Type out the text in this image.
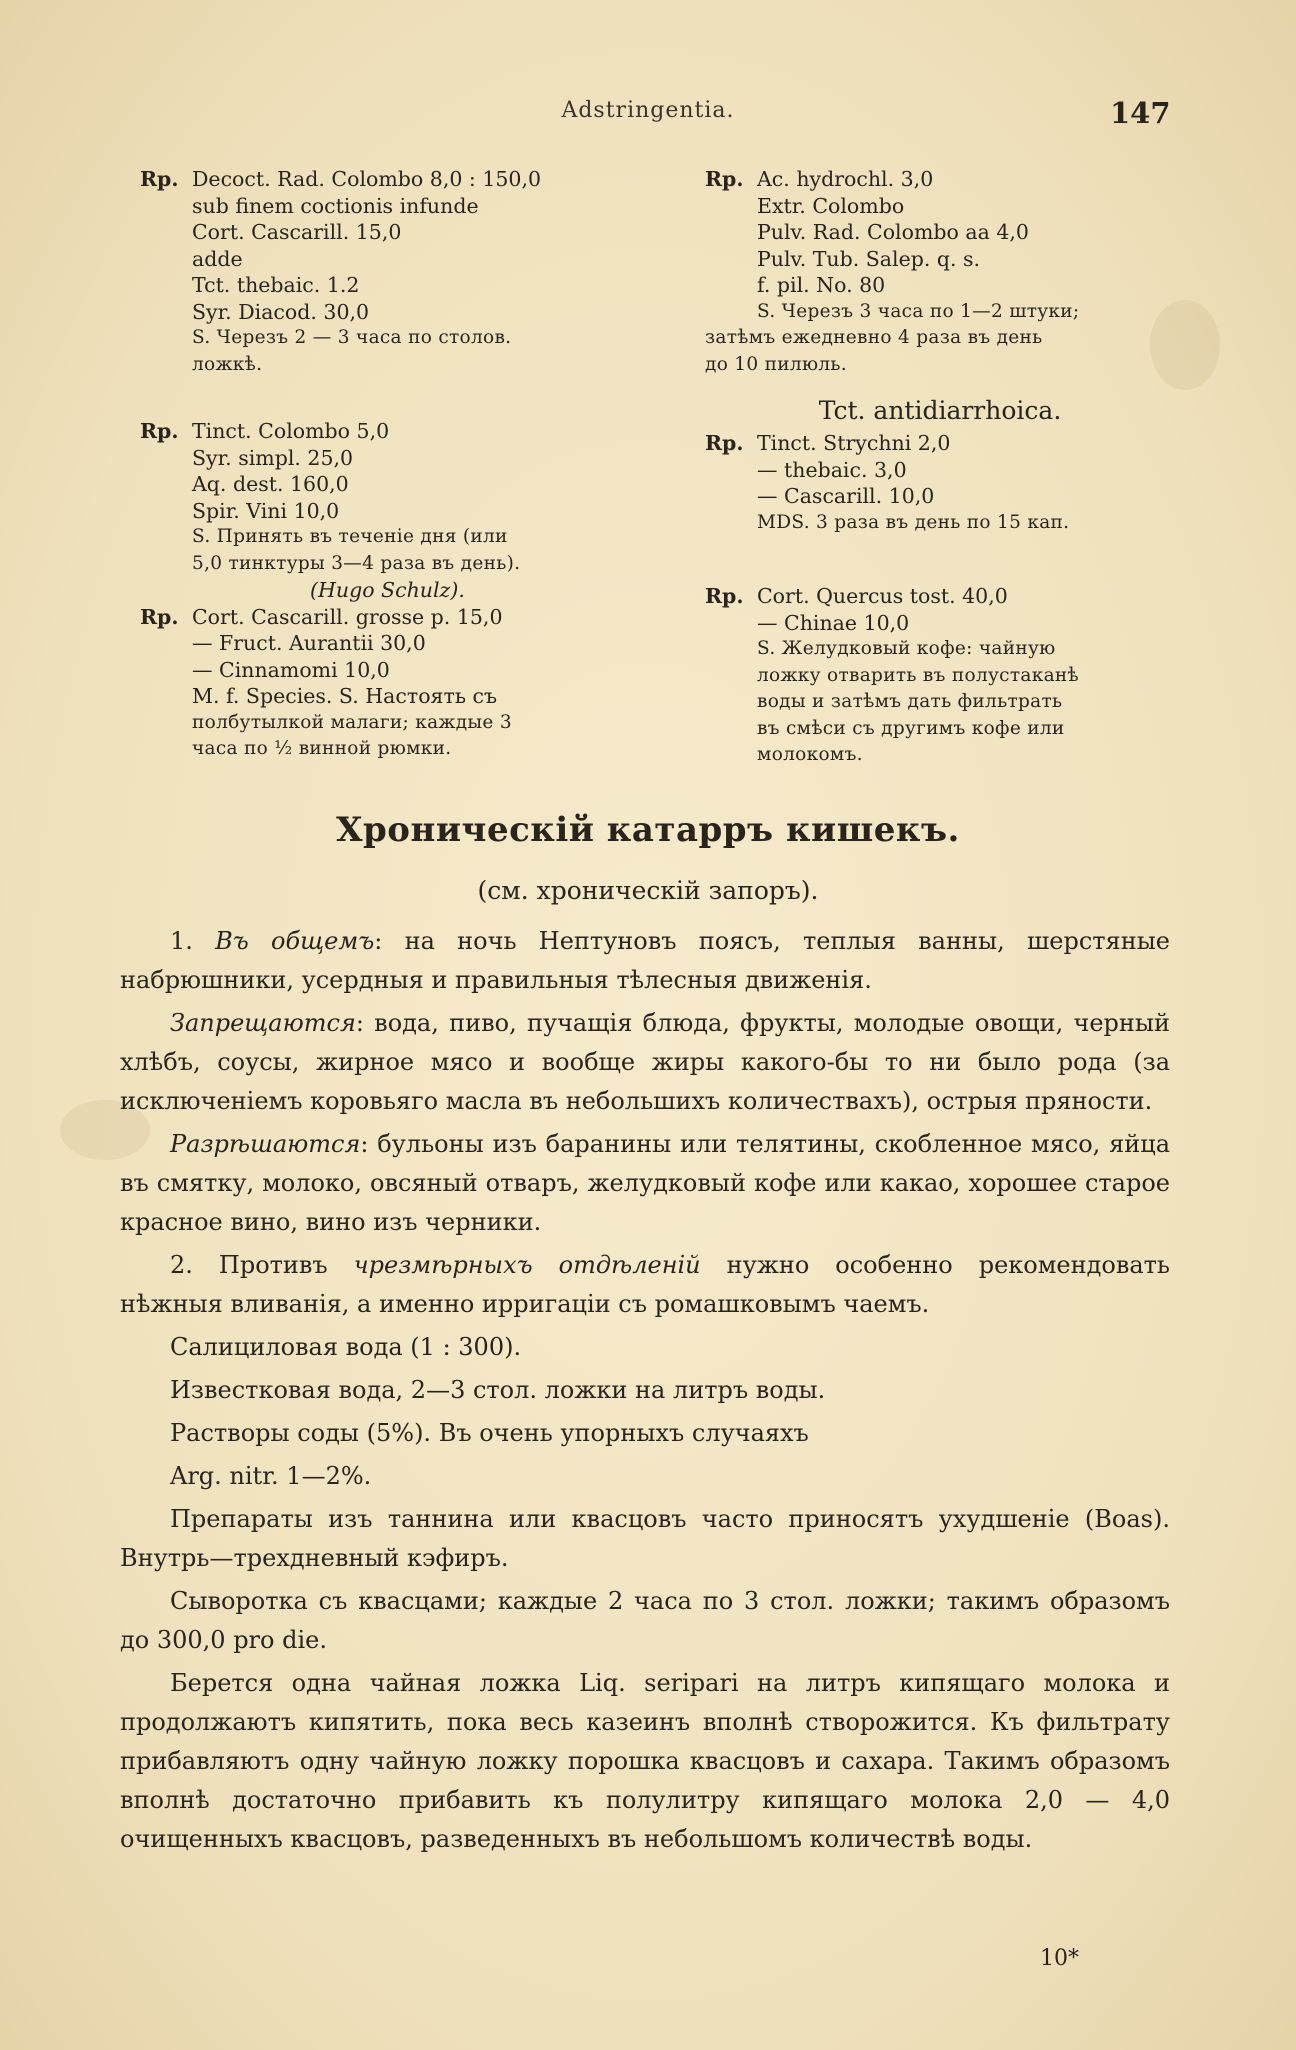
Adstringentia.	147
Rp. Decoct. Rad. Colombo 8,0 : 150,0
sub finem coctionis infunde
Cort. Cascarill. 15,0
adde
Tct. thebaic. 1.2
Syr. Diacod. 30,0
S. Черезъ 2 — 3 часа по столов.
ложкѣ.
Rp. Tinct. Colombo 5,0
Syr. simpl. 25,0
Aq. dest. 160,0
Spir. Vini 10,0
S. Принять въ теченіе дня (или
5,0 тинктуры 3—4 раза въ день).
(Hugo Schulz).
Rp. Cort. Cascarill. grosse p. 15,0
— Fruct. Aurantii 30,0
— Cinnamomi 10,0
M. f. Species. S. Настоять съ
полбутылкой малаги; каждые 3
часа по ½ винной рюмки.
Rp. Ac. hydrochl. 3,0
Extr. Colombo
Pulv. Rad. Colombo aa 4,0
Pulv. Tub. Salep. q. s.
f. pil. No. 80
S. Черезъ 3 часа по 1—2 штуки;
затѣмъ ежедневно 4 раза въ день
до 10 пилюль.
Tct. antidiarrhoica.
Rp. Tinct. Strychni 2,0
— thebaic. 3,0
— Cascarill. 10,0
MDS. 3 раза въ день по 15 кап.
Rp. Cort. Quercus tost. 40,0
— Chinae 10,0
S. Желудковый кофе: чайную
ложку отварить въ полустаканѣ
воды и затѣмъ дать фильтрать
въ смѣси съ другимъ кофе или
молокомъ.
Хроническій катарръ кишекъ.
(см. хроническій запоръ).

1. Въ общемъ: на ночь Нептуновъ поясъ, теплыя ванны, шерстяные набрюшники, усердныя и правильныя тѣлесныя движенія.

Запрещаются: вода, пиво, пучащія блюда, фрукты, молодые овощи, черный хлѣбъ, соусы, жирное мясо и вообще жиры какого-бы то ни было рода (за исключеніемъ коровьяго масла въ небольшихъ количествахъ), острыя пряности.

Разрѣшаются: бульоны изъ баранины или телятины, скобленное мясо, яйца въ смятку, молоко, овсяный отваръ, желудковый кофе или какао, хорошее старое красное вино, вино изъ черники.

2. Противъ чрезмѣрныхъ отдѣленій нужно особенно рекомендовать нѣжныя вливанія, а именно ирригаціи съ ромашковымъ чаемъ.

Салициловая вода (1 : 300).

Известковая вода, 2—3 стол. ложки на литръ воды.

Растворы соды (5%). Въ очень упорныхъ случаяхъ

Arg. nitr. 1—2%.

Препараты изъ таннина или квасцовъ часто приносятъ ухудшеніе (Boas). Внутрь—трехдневный кэфиръ.

Сыворотка съ квасцами; каждые 2 часа по 3 стол. ложки; такимъ образомъ до 300,0 pro die.

Берется одна чайная ложка Liq. seripari на литръ кипящаго молока и продолжаютъ кипятить, пока весь казеинъ вполнѣ створожится. Къ фильтрату прибавляютъ одну чайную ложку порошка квасцовъ и сахара. Такимъ образомъ вполнѣ достаточно прибавить къ полулитру кипящаго молока 2,0 — 4,0 очищенныхъ квасцовъ, разведенныхъ въ небольшомъ количествѣ воды.

10*
